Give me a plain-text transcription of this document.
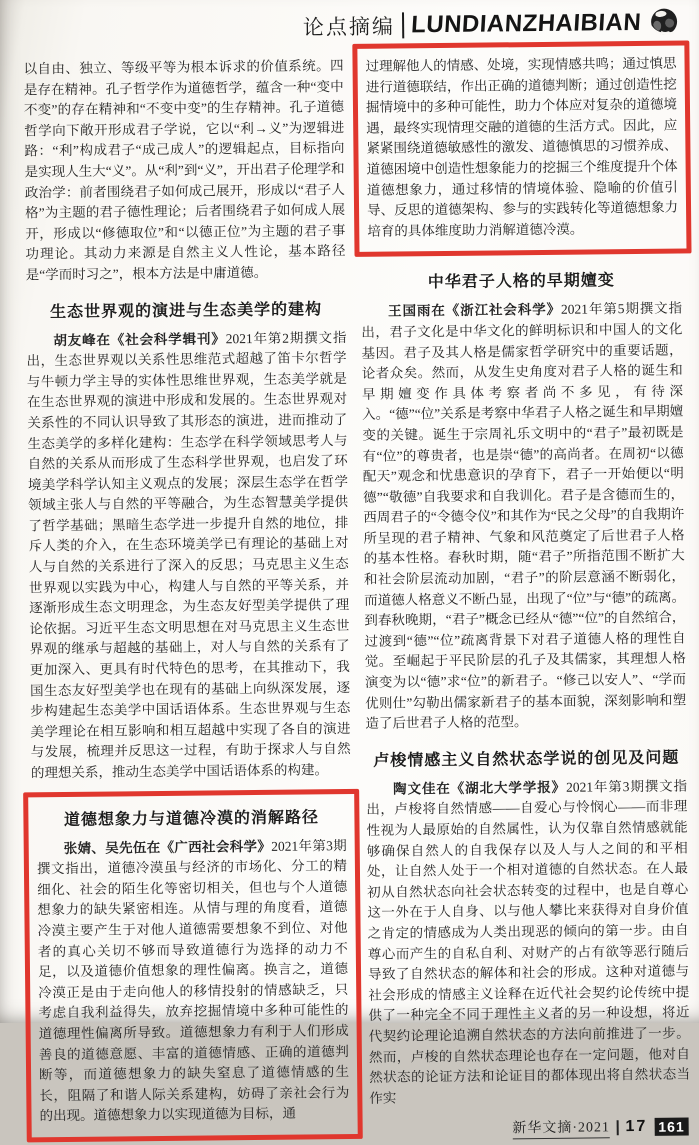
论点摘编 LUNDIANZHAIBIAN

以自由、独立、等级平等为根本诉求的价值系统。四是存在精神。孔子哲学作为道德哲学，蕴含一种“变中不变”的存在精神和“不变中变”的生存精神。孔子道德哲学向下敞开形成君子学说，它以“利→义”为逻辑进路：“利”构成君子“成己成人”的逻辑起点，目标指向是实现人生大“义”。从“利”到“义”，开出君子伦理学和政治学：前者围绕君子如何成己展开，形成以“君子人格”为主题的君子德性理论；后者围绕君子如何成人展开，形成以“修德取位”和“以德正位”为主题的君子事功理论。其动力来源是自然主义人性论，基本路径是“学而时习之”，根本方法是中庸道德。

生态世界观的演进与生态美学的建构

胡友峰在《社会科学辑刊》2021年第2期撰文指出，生态世界观以关系性思维范式超越了笛卡尔哲学与牛顿力学主导的实体性思维世界观，生态美学就是在生态世界观的演进中形成和发展的。生态世界观对关系性的不同认识导致了其形态的演进，进而推动了生态美学的多样化建构：生态学在科学领域思考人与自然的关系从而形成了生态科学世界观，也启发了环境美学科学认知主义观点的发展；深层生态学在哲学领域主张人与自然的平等融合，为生态智慧美学提供了哲学基础；黑暗生态学进一步提升自然的地位，排斥人类的介入，在生态环境美学已有理论的基础上对人与自然的关系进行了深入的反思；马克思主义生态世界观以实践为中心，构建人与自然的平等关系，并逐渐形成生态文明理念，为生态友好型美学提供了理论依据。习近平生态文明思想在对马克思主义生态世界观的继承与超越的基础上，对人与自然的关系有了更加深入、更具有时代特色的思考，在其推动下，我国生态友好型美学也在现有的基础上向纵深发展，逐步构建起生态美学中国话语体系。生态世界观与生态美学理论在相互影响和相互超越中实现了各自的演进与发展，梳理并反思这一过程，有助于探求人与自然的理想关系，推动生态美学中国话语体系的构建。

道德想象力与道德冷漠的消解路径

张婧、吴先伍在《广西社会科学》2021年第3期撰文指出，道德冷漠虽与经济的市场化、分工的精细化、社会的陌生化等密切相关，但也与个人道德想象力的缺失紧密相连。从情与理的角度看，道德冷漠主要产生于对他人道德需要想象不到位、对他者的真心关切不够而导致道德行为选择的动力不足，以及道德价值想象的理性偏离。换言之，道德冷漠正是由于走向他人的移情投射的情感缺乏，只考虑自我利益得失，放弃挖掘情境中多种可能性的道德理性偏离所导致。道德想象力有利于人们形成善良的道德意愿、丰富的道德情感、正确的道德判断等，而道德想象力的缺失窒息了道德情感的生长，阻隔了和谐人际关系建构，妨碍了亲社会行为的出现。道德想象力以实现道德为目标，通

过理解他人的情感、处境，实现情感共鸣；通过慎思进行道德联结，作出正确的道德判断；通过创造性挖掘情境中的多种可能性，助力个体应对复杂的道德境遇，最终实现情理交融的道德的生活方式。因此，应紧紧围绕道德敏感性的激发、道德慎思的习惯养成、道德困境中创造性想象能力的挖掘三个维度提升个体道德想象力，通过移情的情境体验、隐喻的价值引导、反思的道德架构、参与的实践转化等道德想象力培育的具体维度助力消解道德冷漠。

中华君子人格的早期嬗变

王国雨在《浙江社会科学》2021年第5期撰文指出，君子文化是中华文化的鲜明标识和中国人的文化基因。君子及其人格是儒家哲学研究中的重要话题，论者众矣。然而，从发生史角度对君子人格的诞生和早期嬗变作具体考察者尚不多见，有待深入。“德”“位”关系是考察中华君子人格之诞生和早期嬗变的关键。诞生于宗周礼乐文明中的“君子”最初既是有“位”的尊贵者，也是崇“德”的高尚者。在周初“以德配天”观念和忧患意识的孕育下，君子一开始便以“明德”“敬德”自我要求和自我训化。君子是含德而生的，西周君子的“令德令仪”和其作为“民之父母”的自我期许所呈现的君子精神、气象和风范奠定了后世君子人格的基本性格。春秋时期，随“君子”所指范围不断扩大和社会阶层流动加剧，“君子”的阶层意涵不断弱化，而道德人格意义不断凸显，出现了“位”与“德”的疏离。到春秋晚期，“君子”概念已经从“德”“位”的自然绾合，过渡到“德”“位”疏离背景下对君子道德人格的理性自觉。至崛起于平民阶层的孔子及其儒家，其理想人格演变为以“德”求“位”的新君子。“修己以安人”、“学而优则仕”勾勒出儒家新君子的基本面貌，深刻影响和塑造了后世君子人格的范型。

卢梭情感主义自然状态学说的创见及问题

陶文佳在《湖北大学学报》2021年第3期撰文指出，卢梭将自然情感——自爱心与怜悯心——而非理性视为人最原始的自然属性，认为仅靠自然情感就能够确保自然人的自我保存以及人与人之间的和平相处，让自然人处于一个相对道德的自然状态。在人最初从自然状态向社会状态转变的过程中，也是自尊心这一外在于人自身、以与他人攀比来获得对自身价值之肯定的情感成为人类出现恶的倾向的第一步。由自尊心而产生的自私自利、对财产的占有欲等恶行随后导致了自然状态的解体和社会的形成。这种对道德与社会形成的情感主义诠释在近代社会契约论传统中提供了一种完全不同于理性主义者的另一种设想，将近代契约论理论追溯自然状态的方法向前推进了一步。然而，卢梭的自然状态理论也存在一定问题，他对自然状态的论证方法和论证目的都体现出将自然状态当作实

新华文摘·2021 17 161
